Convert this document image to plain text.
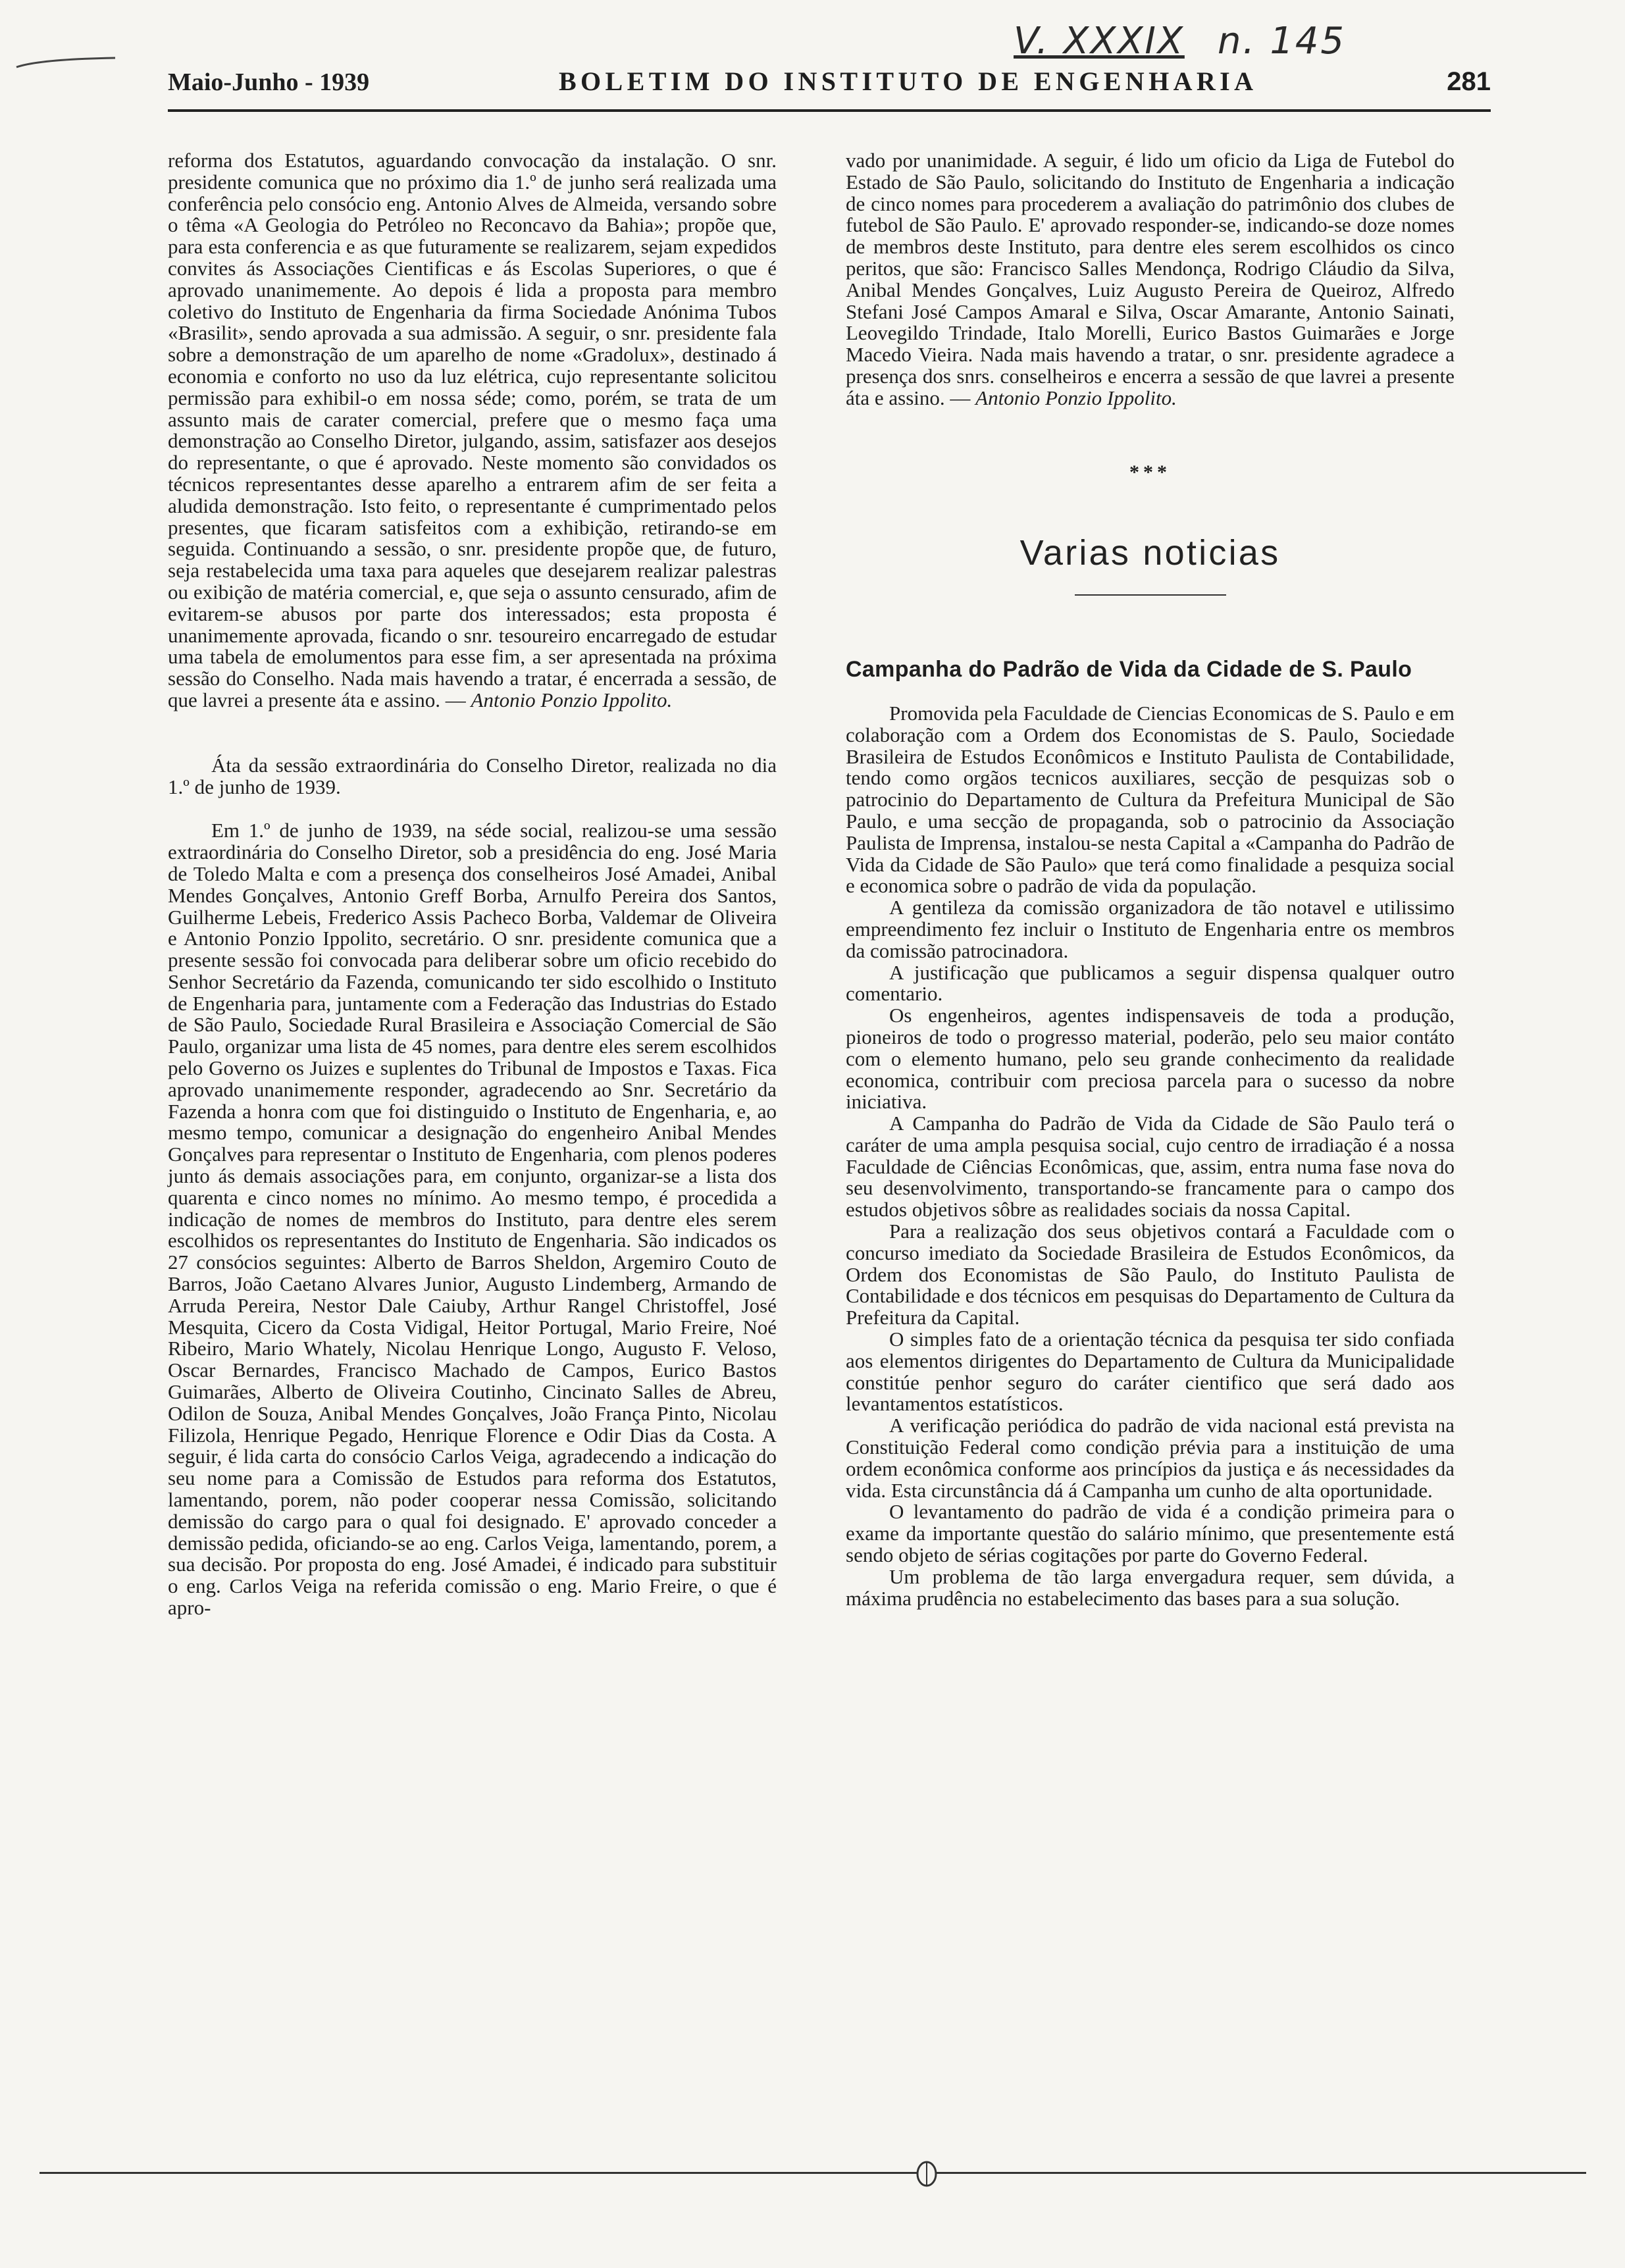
V. XXXIX n. 145
Maio-Junho - 1939	BOLETIM DO INSTITUTO DE ENGENHARIA	281

reforma dos Estatutos, aguardando convocação da instalação. O snr. presidente comunica que no próximo dia 1.º de junho será realizada uma conferência pelo consócio eng. Antonio Alves de Almeida, versando sobre o têma «A Geologia do Petróleo no Reconcavo da Bahia»; propõe que, para esta conferencia e as que futuramente se realizarem, sejam expedidos convites ás Associações Cientificas e ás Escolas Superiores, o que é aprovado unanimemente. Ao depois é lida a proposta para membro coletivo do Instituto de Engenharia da firma Sociedade Anónima Tubos «Brasilit», sendo aprovada a sua admissão. A seguir, o snr. presidente fala sobre a demonstração de um aparelho de nome «Gradolux», destinado á economia e conforto no uso da luz elétrica, cujo representante solicitou permissão para exhibil-o em nossa séde; como, porém, se trata de um assunto mais de carater comercial, prefere que o mesmo faça uma demonstração ao Conselho Diretor, julgando, assim, satisfazer aos desejos do representante, o que é aprovado. Neste momento são convidados os técnicos representantes desse aparelho a entrarem afim de ser feita a aludida demonstração. Isto feito, o representante é cumprimentado pelos presentes, que ficaram satisfeitos com a exhibição, retirando-se em seguida. Continuando a sessão, o snr. presidente propõe que, de futuro, seja restabelecida uma taxa para aqueles que desejarem realizar palestras ou exibição de matéria comercial, e, que seja o assunto censurado, afim de evitarem-se abusos por parte dos interessados; esta proposta é unanimemente aprovada, ficando o snr. tesoureiro encarregado de estudar uma tabela de emolumentos para esse fim, a ser apresentada na próxima sessão do Conselho. Nada mais havendo a tratar, é encerrada a sessão, de que lavrei a presente áta e assino. — Antonio Ponzio Ippolito.

Áta da sessão extraordinária do Conselho Diretor, realizada no dia 1.º de junho de 1939.

Em 1.º de junho de 1939, na séde social, realizou-se uma sessão extraordinária do Conselho Diretor, sob a presidência do eng. José Maria de Toledo Malta e com a presença dos conselheiros José Amadei, Anibal Mendes Gonçalves, Antonio Greff Borba, Arnulfo Pereira dos Santos, Guilherme Lebeis, Frederico Assis Pacheco Borba, Valdemar de Oliveira e Antonio Ponzio Ippolito, secretário. O snr. presidente comunica que a presente sessão foi convocada para deliberar sobre um oficio recebido do Senhor Secretário da Fazenda, comunicando ter sido escolhido o Instituto de Engenharia para, juntamente com a Federação das Industrias do Estado de São Paulo, Sociedade Rural Brasileira e Associação Comercial de São Paulo, organizar uma lista de 45 nomes, para dentre eles serem escolhidos pelo Governo os Juizes e suplentes do Tribunal de Impostos e Taxas. Fica aprovado unanimemente responder, agradecendo ao Snr. Secretário da Fazenda a honra com que foi distinguido o Instituto de Engenharia, e, ao mesmo tempo, comunicar a designação do engenheiro Anibal Mendes Gonçalves para representar o Instituto de Engenharia, com plenos poderes junto ás demais associações para, em conjunto, organizar-se a lista dos quarenta e cinco nomes no mínimo. Ao mesmo tempo, é procedida a indicação de nomes de membros do Instituto, para dentre eles serem escolhidos os representantes do Instituto de Engenharia. São indicados os 27 consócios seguintes: Alberto de Barros Sheldon, Argemiro Couto de Barros, João Caetano Alvares Junior, Augusto Lindemberg, Armando de Arruda Pereira, Nestor Dale Caiuby, Arthur Rangel Christoffel, José Mesquita, Cicero da Costa Vidigal, Heitor Portugal, Mario Freire, Noé Ribeiro, Mario Whately, Nicolau Henrique Longo, Augusto F. Veloso, Oscar Bernardes, Francisco Machado de Campos, Eurico Bastos Guimarães, Alberto de Oliveira Coutinho, Cincinato Salles de Abreu, Odilon de Souza, Anibal Mendes Gonçalves, João França Pinto, Nicolau Filizola, Henrique Pegado, Henrique Florence e Odir Dias da Costa. A seguir, é lida carta do consócio Carlos Veiga, agradecendo a indicação do seu nome para a Comissão de Estudos para reforma dos Estatutos, lamentando, porem, não poder cooperar nessa Comissão, solicitando demissão do cargo para o qual foi designado. E' aprovado conceder a demissão pedida, oficiando-se ao eng. Carlos Veiga, lamentando, porem, a sua decisão. Por proposta do eng. José Amadei, é indicado para substituir o eng. Carlos Veiga na referida comissão o eng. Mario Freire, o que é apro-

vado por unanimidade. A seguir, é lido um oficio da Liga de Futebol do Estado de São Paulo, solicitando do Instituto de Engenharia a indicação de cinco nomes para procederem a avaliação do patrimônio dos clubes de futebol de São Paulo. E' aprovado responder-se, indicando-se doze nomes de membros deste Instituto, para dentre eles serem escolhidos os cinco peritos, que são: Francisco Salles Mendonça, Rodrigo Cláudio da Silva, Anibal Mendes Gonçalves, Luiz Augusto Pereira de Queiroz, Alfredo Stefani José Campos Amaral e Silva, Oscar Amarante, Antonio Sainati, Leovegildo Trindade, Italo Morelli, Eurico Bastos Guimarães e Jorge Macedo Vieira. Nada mais havendo a tratar, o snr. presidente agradece a presença dos snrs. conselheiros e encerra a sessão de que lavrei a presente áta e assino. — Antonio Ponzio Ippolito.

***
Varias noticias
Campanha do Padrão de Vida da Cidade de S. Paulo

Promovida pela Faculdade de Ciencias Economicas de S. Paulo e em colaboração com a Ordem dos Economistas de S. Paulo, Sociedade Brasileira de Estudos Econômicos e Instituto Paulista de Contabilidade, tendo como orgãos tecnicos auxiliares, secção de pesquizas sob o patrocinio do Departamento de Cultura da Prefeitura Municipal de São Paulo, e uma secção de propaganda, sob o patrocinio da Associação Paulista de Imprensa, instalou-se nesta Capital a «Campanha do Padrão de Vida da Cidade de São Paulo» que terá como finalidade a pesquiza social e economica sobre o padrão de vida da população.

A gentileza da comissão organizadora de tão notavel e utilissimo empreendimento fez incluir o Instituto de Engenharia entre os membros da comissão patrocinadora.

A justificação que publicamos a seguir dispensa qualquer outro comentario.

Os engenheiros, agentes indispensaveis de toda a produção, pioneiros de todo o progresso material, poderão, pelo seu maior contáto com o elemento humano, pelo seu grande conhecimento da realidade economica, contribuir com preciosa parcela para o sucesso da nobre iniciativa.

A Campanha do Padrão de Vida da Cidade de São Paulo terá o caráter de uma ampla pesquisa social, cujo centro de irradiação é a nossa Faculdade de Ciências Econômicas, que, assim, entra numa fase nova do seu desenvolvimento, transportando-se francamente para o campo dos estudos objetivos sôbre as realidades sociais da nossa Capital.

Para a realização dos seus objetivos contará a Faculdade com o concurso imediato da Sociedade Brasileira de Estudos Econômicos, da Ordem dos Economistas de São Paulo, do Instituto Paulista de Contabilidade e dos técnicos em pesquisas do Departamento de Cultura da Prefeitura da Capital.

O simples fato de a orientação técnica da pesquisa ter sido confiada aos elementos dirigentes do Departamento de Cultura da Municipalidade constitúe penhor seguro do caráter cientifico que será dado aos levantamentos estatísticos.

A verificação periódica do padrão de vida nacional está prevista na Constituição Federal como condição prévia para a instituição de uma ordem econômica conforme aos princípios da justiça e ás necessidades da vida. Esta circunstância dá á Campanha um cunho de alta oportunidade.

O levantamento do padrão de vida é a condição primeira para o exame da importante questão do salário mínimo, que presentemente está sendo objeto de sérias cogitações por parte do Governo Federal.

Um problema de tão larga envergadura requer, sem dúvida, a máxima prudência no estabelecimento das bases para a sua solução.
